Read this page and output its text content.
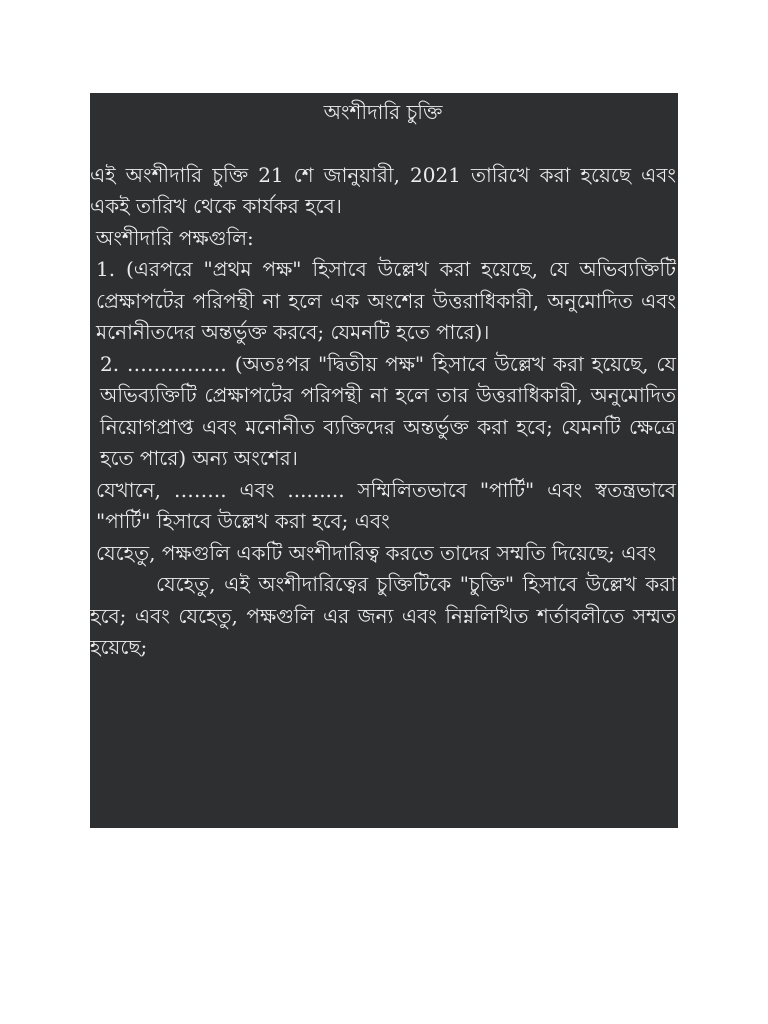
অংশীদারি চুক্তি

এই অংশীদারি চুক্তি 21 শে জানুয়ারী, 2021 তারিখে করা হয়েছে এবং একই তারিখ থেকে কার্যকর হবে।

অংশীদারি পক্ষগুলি:

1. (এরপরে "প্রথম পক্ষ" হিসাবে উল্লেখ করা হয়েছে, যে অভিব্যক্তিটি প্রেক্ষাপটের পরিপন্থী না হলে এক অংশের উত্তরাধিকারী, অনুমোদিত এবং মনোনীতদের অন্তর্ভুক্ত করবে; যেমনটি হতে পারে)।

2. …………… (অতঃপর "দ্বিতীয় পক্ষ" হিসাবে উল্লেখ করা হয়েছে, যে অভিব্যক্তিটি প্রেক্ষাপটের পরিপন্থী না হলে তার উত্তরাধিকারী, অনুমোদিত নিয়োগপ্রাপ্ত এবং মনোনীত ব্যক্তিদের অন্তর্ভুক্ত করা হবে; যেমনটি ক্ষেত্রে হতে পারে) অন্য অংশের।

যেখানে, …….. এবং ......... সম্মিলিতভাবে "পার্টি" এবং স্বতন্ত্রভাবে "পার্টি" হিসাবে উল্লেখ করা হবে; এবং

যেহেতু, পক্ষগুলি একটি অংশীদারিত্ব করতে তাদের সম্মতি দিয়েছে; এবং

যেহেতু, এই অংশীদারিত্বের চুক্তিটিকে "চুক্তি" হিসাবে উল্লেখ করা হবে; এবং যেহেতু, পক্ষগুলি এর জন্য এবং নিম্নলিখিত শর্তাবলীতে সম্মত হয়েছে;
